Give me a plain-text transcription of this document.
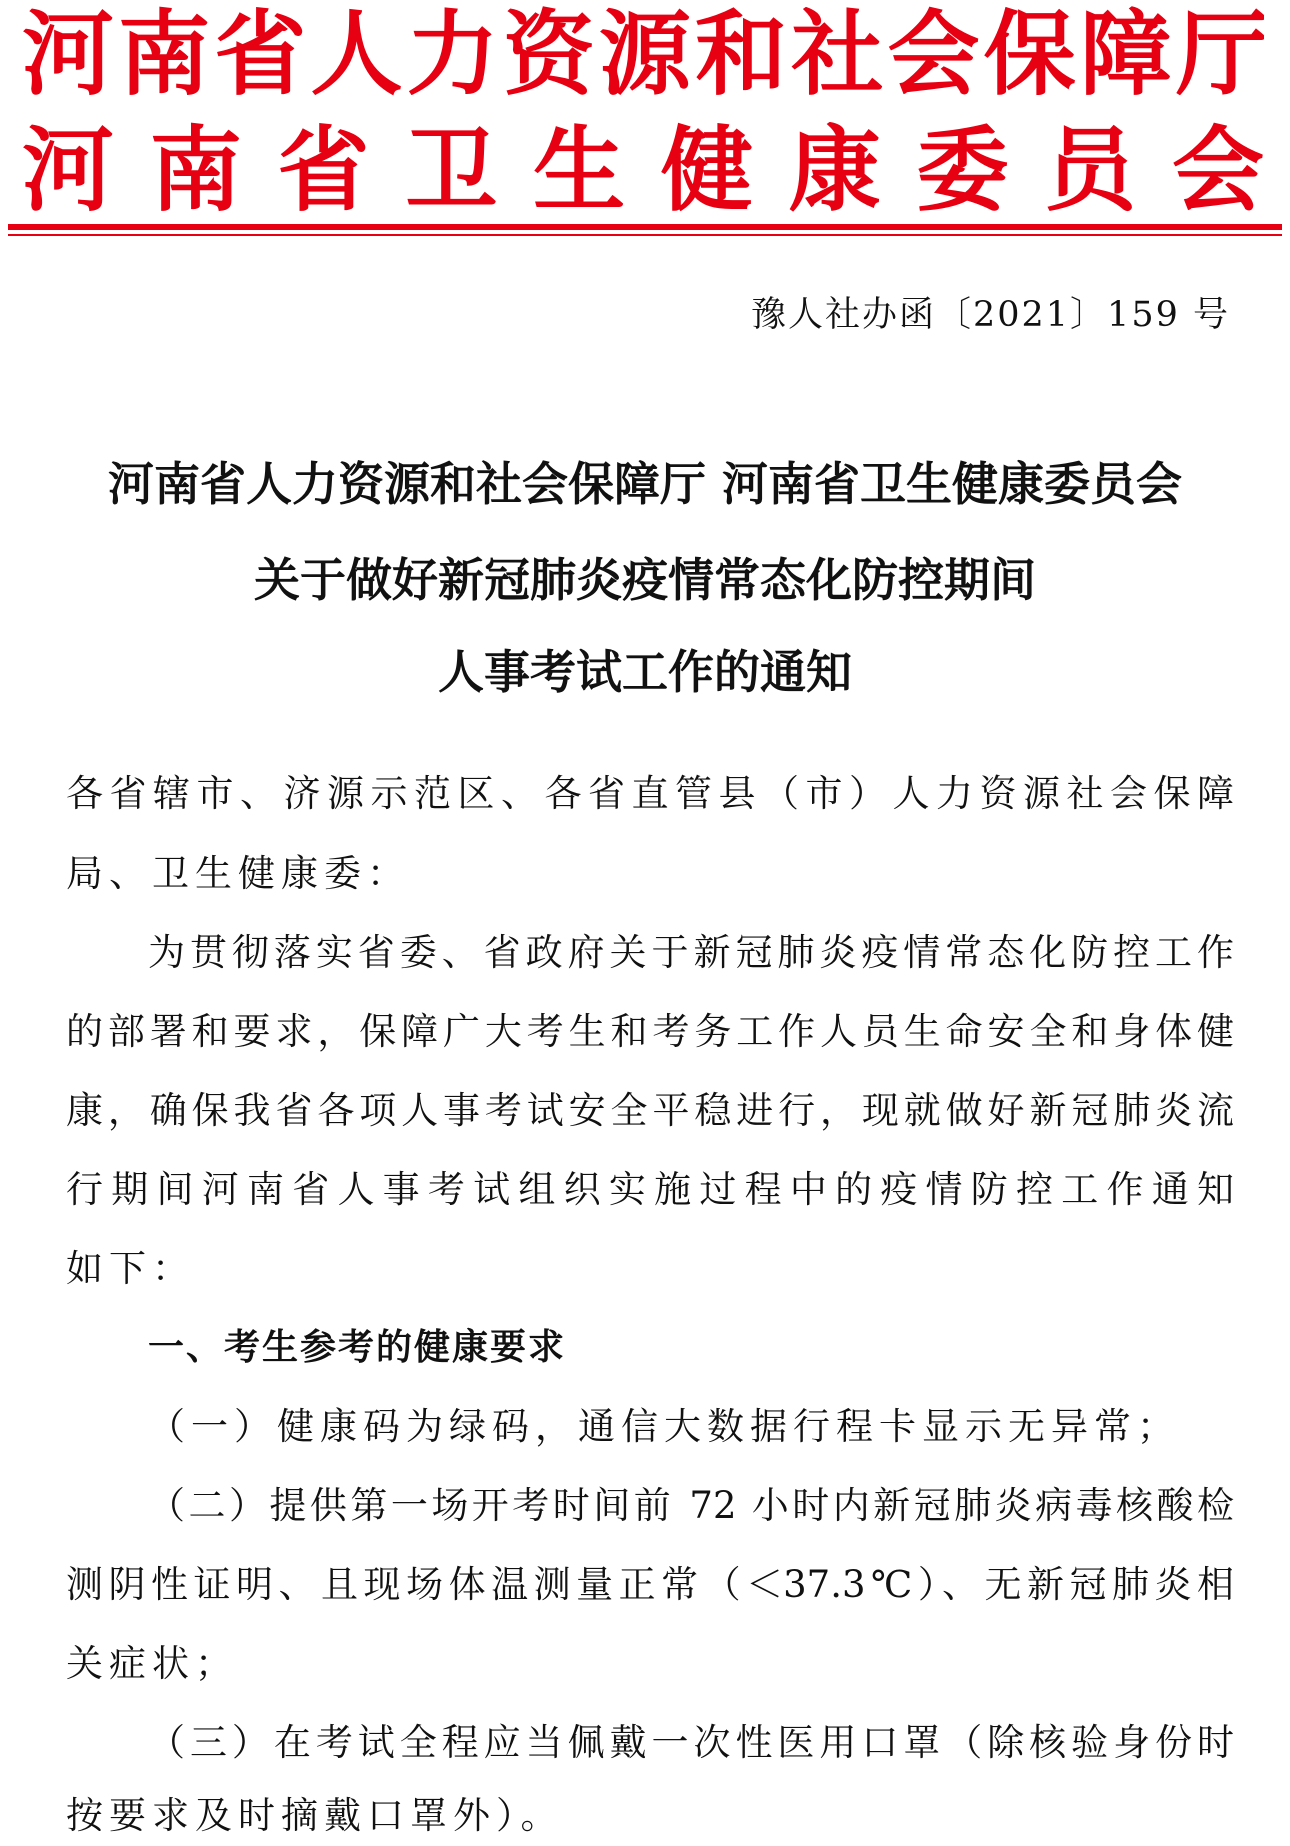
河南省人力资源和社会保障厅
河南省卫生健康委员会
豫人社办函〔2021〕159 号
河南省人力资源和社会保障厅 河南省卫生健康委员会
关于做好新冠肺炎疫情常态化防控期间
人事考试工作的通知
各省辖市、济源示范区、各省直管县（市）人力资源社会保障
局、卫生健康委：
为贯彻落实省委、省政府关于新冠肺炎疫情常态化防控工作
的部署和要求，保障广大考生和考务工作人员生命安全和身体健
康，确保我省各项人事考试安全平稳进行，现就做好新冠肺炎流
行期间河南省人事考试组织实施过程中的疫情防控工作通知
如下：
一、考生参考的健康要求
（一）健康码为绿码，通信大数据行程卡显示无异常；
（二）提供第一场开考时间前 72 小时内新冠肺炎病毒核酸检
测阴性证明、且现场体温测量正常（＜37.3℃）、无新冠肺炎相
关症状；
（三）在考试全程应当佩戴一次性医用口罩（除核验身份时
按要求及时摘戴口罩外）。
